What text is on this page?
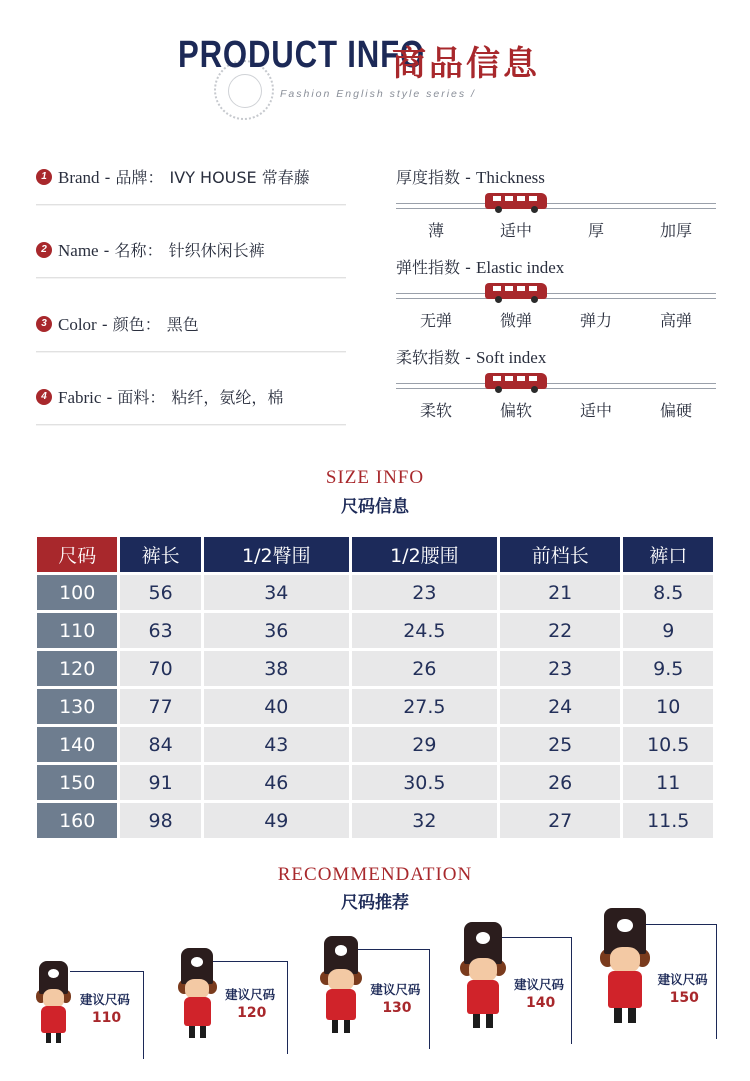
PRODUCT INFO
商品信息
Fashion English style series /
1 Brand - 品牌： IVY HOUSE 常春藤
2 Name - 名称： 针织休闲长裤
3 Color - 颜色： 黑色
4 Fabric - 面料： 粘纤，氨纶，棉
厚度指数 - Thickness
薄	适中	厚	加厚
弹性指数 - Elastic index
无弹	微弹	弹力	高弹
柔软指数 - Soft index
柔软	偏软	适中	偏硬
SIZE INFO
尺码信息
尺码	裤长	1/2臀围	1/2腰围	前档长	裤口
100	56	34	23	21	8.5
110	63	36	24.5	22	9
120	70	38	26	23	9.5
130	77	40	27.5	24	10
140	84	43	29	25	10.5
150	91	46	30.5	26	11
160	98	49	32	27	11.5
RECOMMENDATION
尺码推荐
建议尺码
110
建议尺码
120
建议尺码
130
建议尺码
140
建议尺码
150
